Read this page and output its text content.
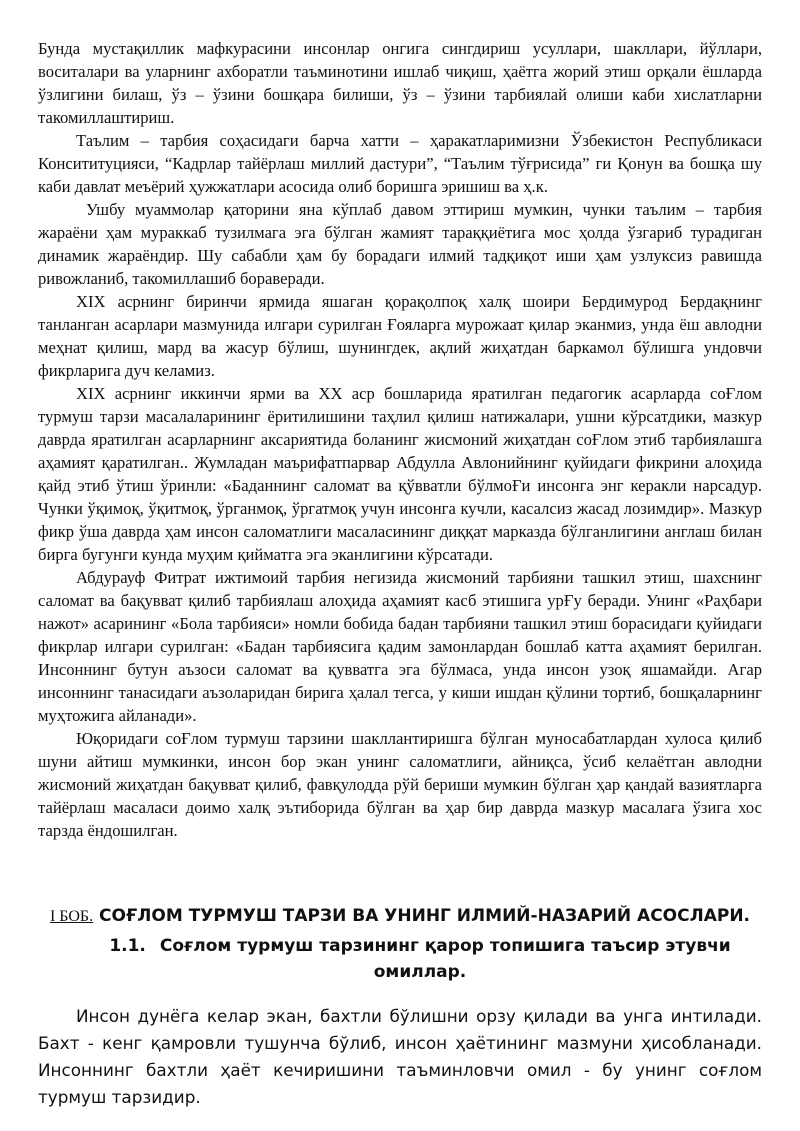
Бунда мустақиллик мафкурасини инсонлар онгига сингдириш усуллари, шакллари, йўллари, воситалари ва уларнинг ахборатли таъминотини ишлаб чиқиш, ҳаётга жорий этиш орқали ёшларда ўзлигини билаш, ўз – ўзини бошқара билиши, ўз – ўзини тарбиялай олиши каби хислатларни такомиллаштириш.

Таълим – тарбия соҳасидаги барча хатти – ҳаракатларимизни Ўзбекистон Республикаси Консититуцияси, “Кадрлар тайёрлаш миллий дастури”, “Таълим тўғрисида” ги Қонун ва бошқа шу каби давлат меъёрий ҳужжатлари асосида олиб боришга эришиш ва ҳ.к.

Ушбу муаммолар қаторини яна кўплаб давом эттириш мумкин, чунки таълим – тарбия жараёни ҳам мураккаб тузилмага эга бўлган жамият тараққиётига мос ҳолда ўзгариб турадиган динамик жараёндир. Шу сабабли ҳам бу борадаги илмий тадқиқот иши ҳам узлуксиз равишда ривожланиб, такомиллашиб бораверади.

XIX асрнинг биринчи ярмида яшаган қорақолпоқ халқ шоири Бердимурод Бердақнинг танланган асарлари мазмунида илгари сурилган Ғояларга мурожаат қилар эканмиз, унда ёш авлодни меҳнат қилиш, мард ва жасур бўлиш, шунингдек, ақлий жиҳатдан баркамол бўлишга ундовчи фикрларига дуч келамиз.

XIX асрнинг иккинчи ярми ва XX аср бошларида яратилган педагогик асарларда соҒлом турмуш тарзи масалаларининг ёритилишини таҳлил қилиш натижалари, ушни кўрсатдики, мазкур даврда яратилган асарларнинг аксариятида боланинг жисмоний жиҳатдан соҒлом этиб тарбиялашга аҳамият қаратилган.. Жумладан маърифатпарвар Абдулла Авлонийнинг қуйидаги фикрини алоҳида қайд этиб ўтиш ўринли: «Баданнинг саломат ва қўвватли бўлмоҒи инсонга энг керакли нарсадур. Чунки ўқимоқ, ўқитмоқ, ўрганмоқ, ўргатмоқ учун инсонга кучли, касалсиз жасад лозимдир». Мазкур фикр ўша даврда ҳам инсон саломатлиги масаласининг диққат марказда бўлганлигини англаш билан бирга бугунги кунда муҳим қийматга эга эканлигини кўрсатади.

Абдурауф Фитрат ижтимоий тарбия негизида жисмоний тарбияни ташкил этиш, шахснинг саломат ва бақувват қилиб тарбиялаш алоҳида аҳамият касб этишига урҒу беради. Унинг «Раҳбари нажот» асарининг «Бола тарбияси» номли бобида бадан тарбияни ташкил этиш борасидаги қуйидаги фикрлар илгари сурилган: «Бадан тарбиясига қадим замонлардан бошлаб катта аҳамият берилган. Инсоннинг бутун аъзоси саломат ва қувватга эга бўлмаса, унда инсон узоқ яшамайди. Агар инсоннинг танасидаги аъзоларидан бирига ҳалал тегса, у киши ишдан қўлини тортиб, бошқаларнинг муҳтожига айланади».

Юқоридаги соҒлом турмуш тарзини шакллантиришга бўлган муносабатлардан хулоса қилиб шуни айтиш мумкинки, инсон бор экан унинг саломатлиги, айниқса, ўсиб келаётган авлодни жисмоний жиҳатдан бақувват қилиб, фавқулодда рўй бериши мумкин бўлган ҳар қандай вазиятларга тайёрлаш масаласи доимо халқ эътиборида бўлган ва ҳар бир даврда мазкур масалага ўзига хос тарзда ёндошилган.

I БОБ. СОҒЛОМ ТУРМУШ ТАРЗИ ВА УНИНГ ИЛМИЙ-НАЗАРИЙ АСОСЛАРИ.

1.1. Соғлом турмуш тарзининг қарор топишига таъсир этувчи омиллар.

Инсон дунёга келар экан, бахтли бўлишни орзу қилади ва унга интилади. Бахт - кенг қамровли тушунча бўлиб, инсон ҳаётининг мазмуни ҳисобланади. Инсоннинг бахтли ҳаёт кечиришини таъминловчи омил - бу унинг соғлом турмуш тарзидир.
